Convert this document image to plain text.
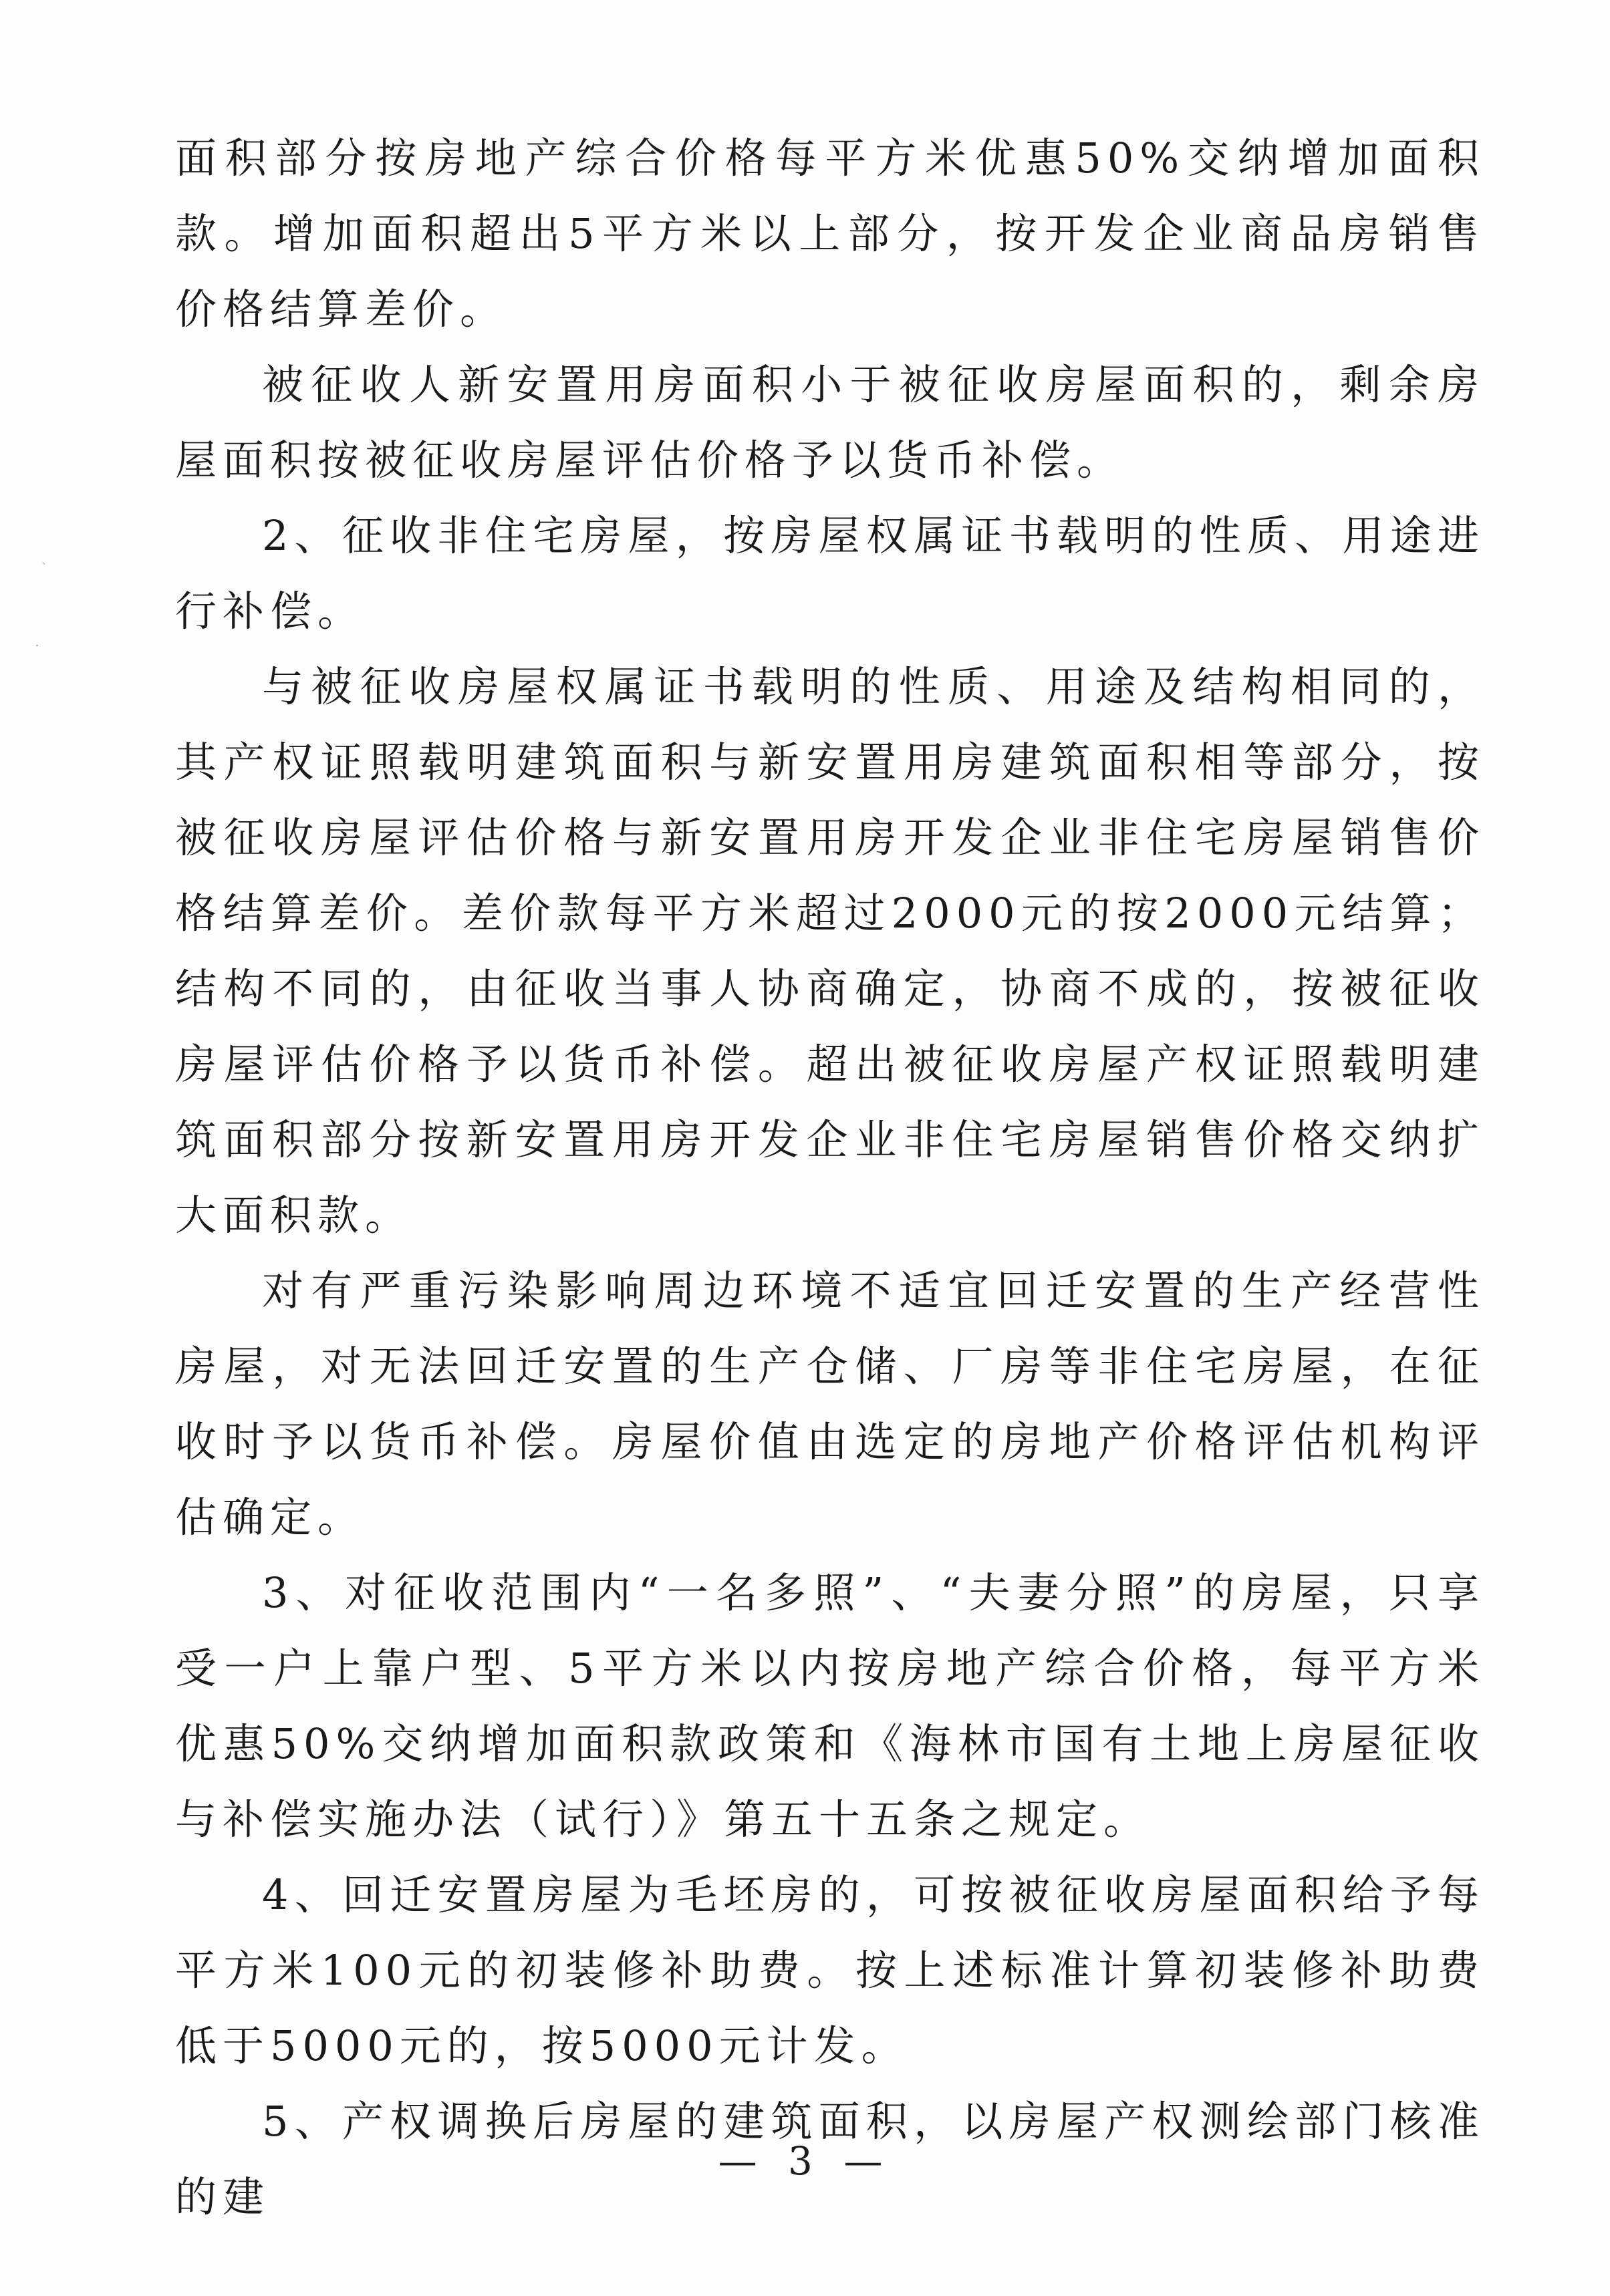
ˎ
·

面积部分按房地产综合价格每平方米优惠50%交纳增加面积款。增加面积超出5平方米以上部分，按开发企业商品房销售价格结算差价。

被征收人新安置用房面积小于被征收房屋面积的，剩余房屋面积按被征收房屋评估价格予以货币补偿。

2、征收非住宅房屋，按房屋权属证书载明的性质、用途进行补偿。

与被征收房屋权属证书载明的性质、用途及结构相同的，其产权证照载明建筑面积与新安置用房建筑面积相等部分，按被征收房屋评估价格与新安置用房开发企业非住宅房屋销售价格结算差价。差价款每平方米超过2000元的按2000元结算；结构不同的，由征收当事人协商确定，协商不成的，按被征收房屋评估价格予以货币补偿。超出被征收房屋产权证照载明建筑面积部分按新安置用房开发企业非住宅房屋销售价格交纳扩大面积款。

对有严重污染影响周边环境不适宜回迁安置的生产经营性房屋，对无法回迁安置的生产仓储、厂房等非住宅房屋，在征收时予以货币补偿。房屋价值由选定的房地产价格评估机构评估确定。

3、对征收范围内“一名多照”、“夫妻分照”的房屋，只享受一户上靠户型、5平方米以内按房地产综合价格，每平方米优惠50%交纳增加面积款政策和《海林市国有土地上房屋征收与补偿实施办法（试行）》第五十五条之规定。

4、回迁安置房屋为毛坯房的，可按被征收房屋面积给予每平方米100元的初装修补助费。按上述标准计算初装修补助费低于5000元的，按5000元计发。

5、产权调换后房屋的建筑面积，以房屋产权测绘部门核准的建

— 3 —
